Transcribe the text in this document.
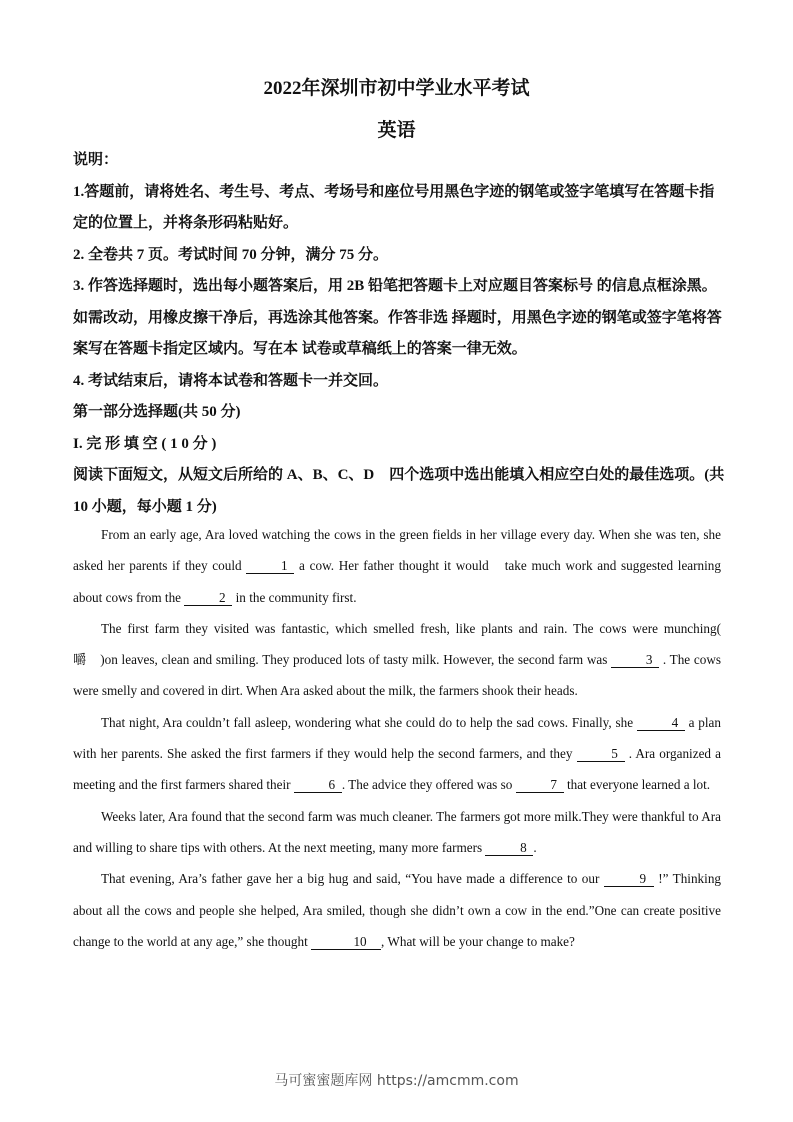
2022年深圳市初中学业水平考试
英语

说明：

1.答题前，请将姓名、考生号、考点、考场号和座位号用黑色字迹的钢笔或签字笔填写在答题卡指定的位置上，并将条形码粘贴好。

2. 全卷共 7 页。考试时间 70 分钟，满分 75 分。

3. 作答选择题时，选出每小题答案后，用 2B 铅笔把答题卡上对应题目答案标号 的信息点框涂黑。如需改动，用橡皮擦干净后，再选涂其他答案。作答非选 择题时，用黑色字迹的钢笔或签字笔将答案写在答题卡指定区域内。写在本 试卷或草稿纸上的答案一律无效。

4. 考试结束后，请将本试卷和答题卡一并交回。

第一部分选择题(共 50 分)

I. 完 形 填 空 ( 1 0 分 )

阅读下面短文，从短文后所给的 A、B、C、D　四个选项中选出能填入相应空白处的最佳选项。(共 10 小题，每小题 1 分)

From an early age, Ara loved watching the cows in the green fields in her village every day. When she was ten, she asked her parents if they could	1 a cow. Her father thought it would　take much work and suggested learning about cows from the	2 in the community first.

The first farm they visited was fantastic, which smelled fresh, like plants and rain. The cows were munching(　嚼　)on leaves, clean and smiling. They produced lots of tasty milk. However, the second farm was	3 . The cows were smelly and covered in dirt. When Ara asked about the milk, the farmers shook their heads.

That night, Ara couldn’t fall asleep, wondering what she could do to help the sad cows. Finally, she	4 a plan with her parents. She asked the first farmers if they would help the second farmers, and they	5 . Ara organized a meeting and the first farmers shared their	6 . The advice they offered was so	7 that everyone learned a lot.

Weeks later, Ara found that the second farm was much cleaner. The farmers got more milk.They were thankful to Ara and willing to share tips with others. At the next meeting, many more farmers	8 .

That evening, Ara’s father gave her a big hug and said, “You have made a difference to our	9 !” Thinking about all the cows and people she helped, Ara smiled, though she didn’t own a cow in the end.”One can create positive change to the world at any age,” she thought	10 , What will be your change to make?

马可蜜蜜题库网 https://amcmm.com
